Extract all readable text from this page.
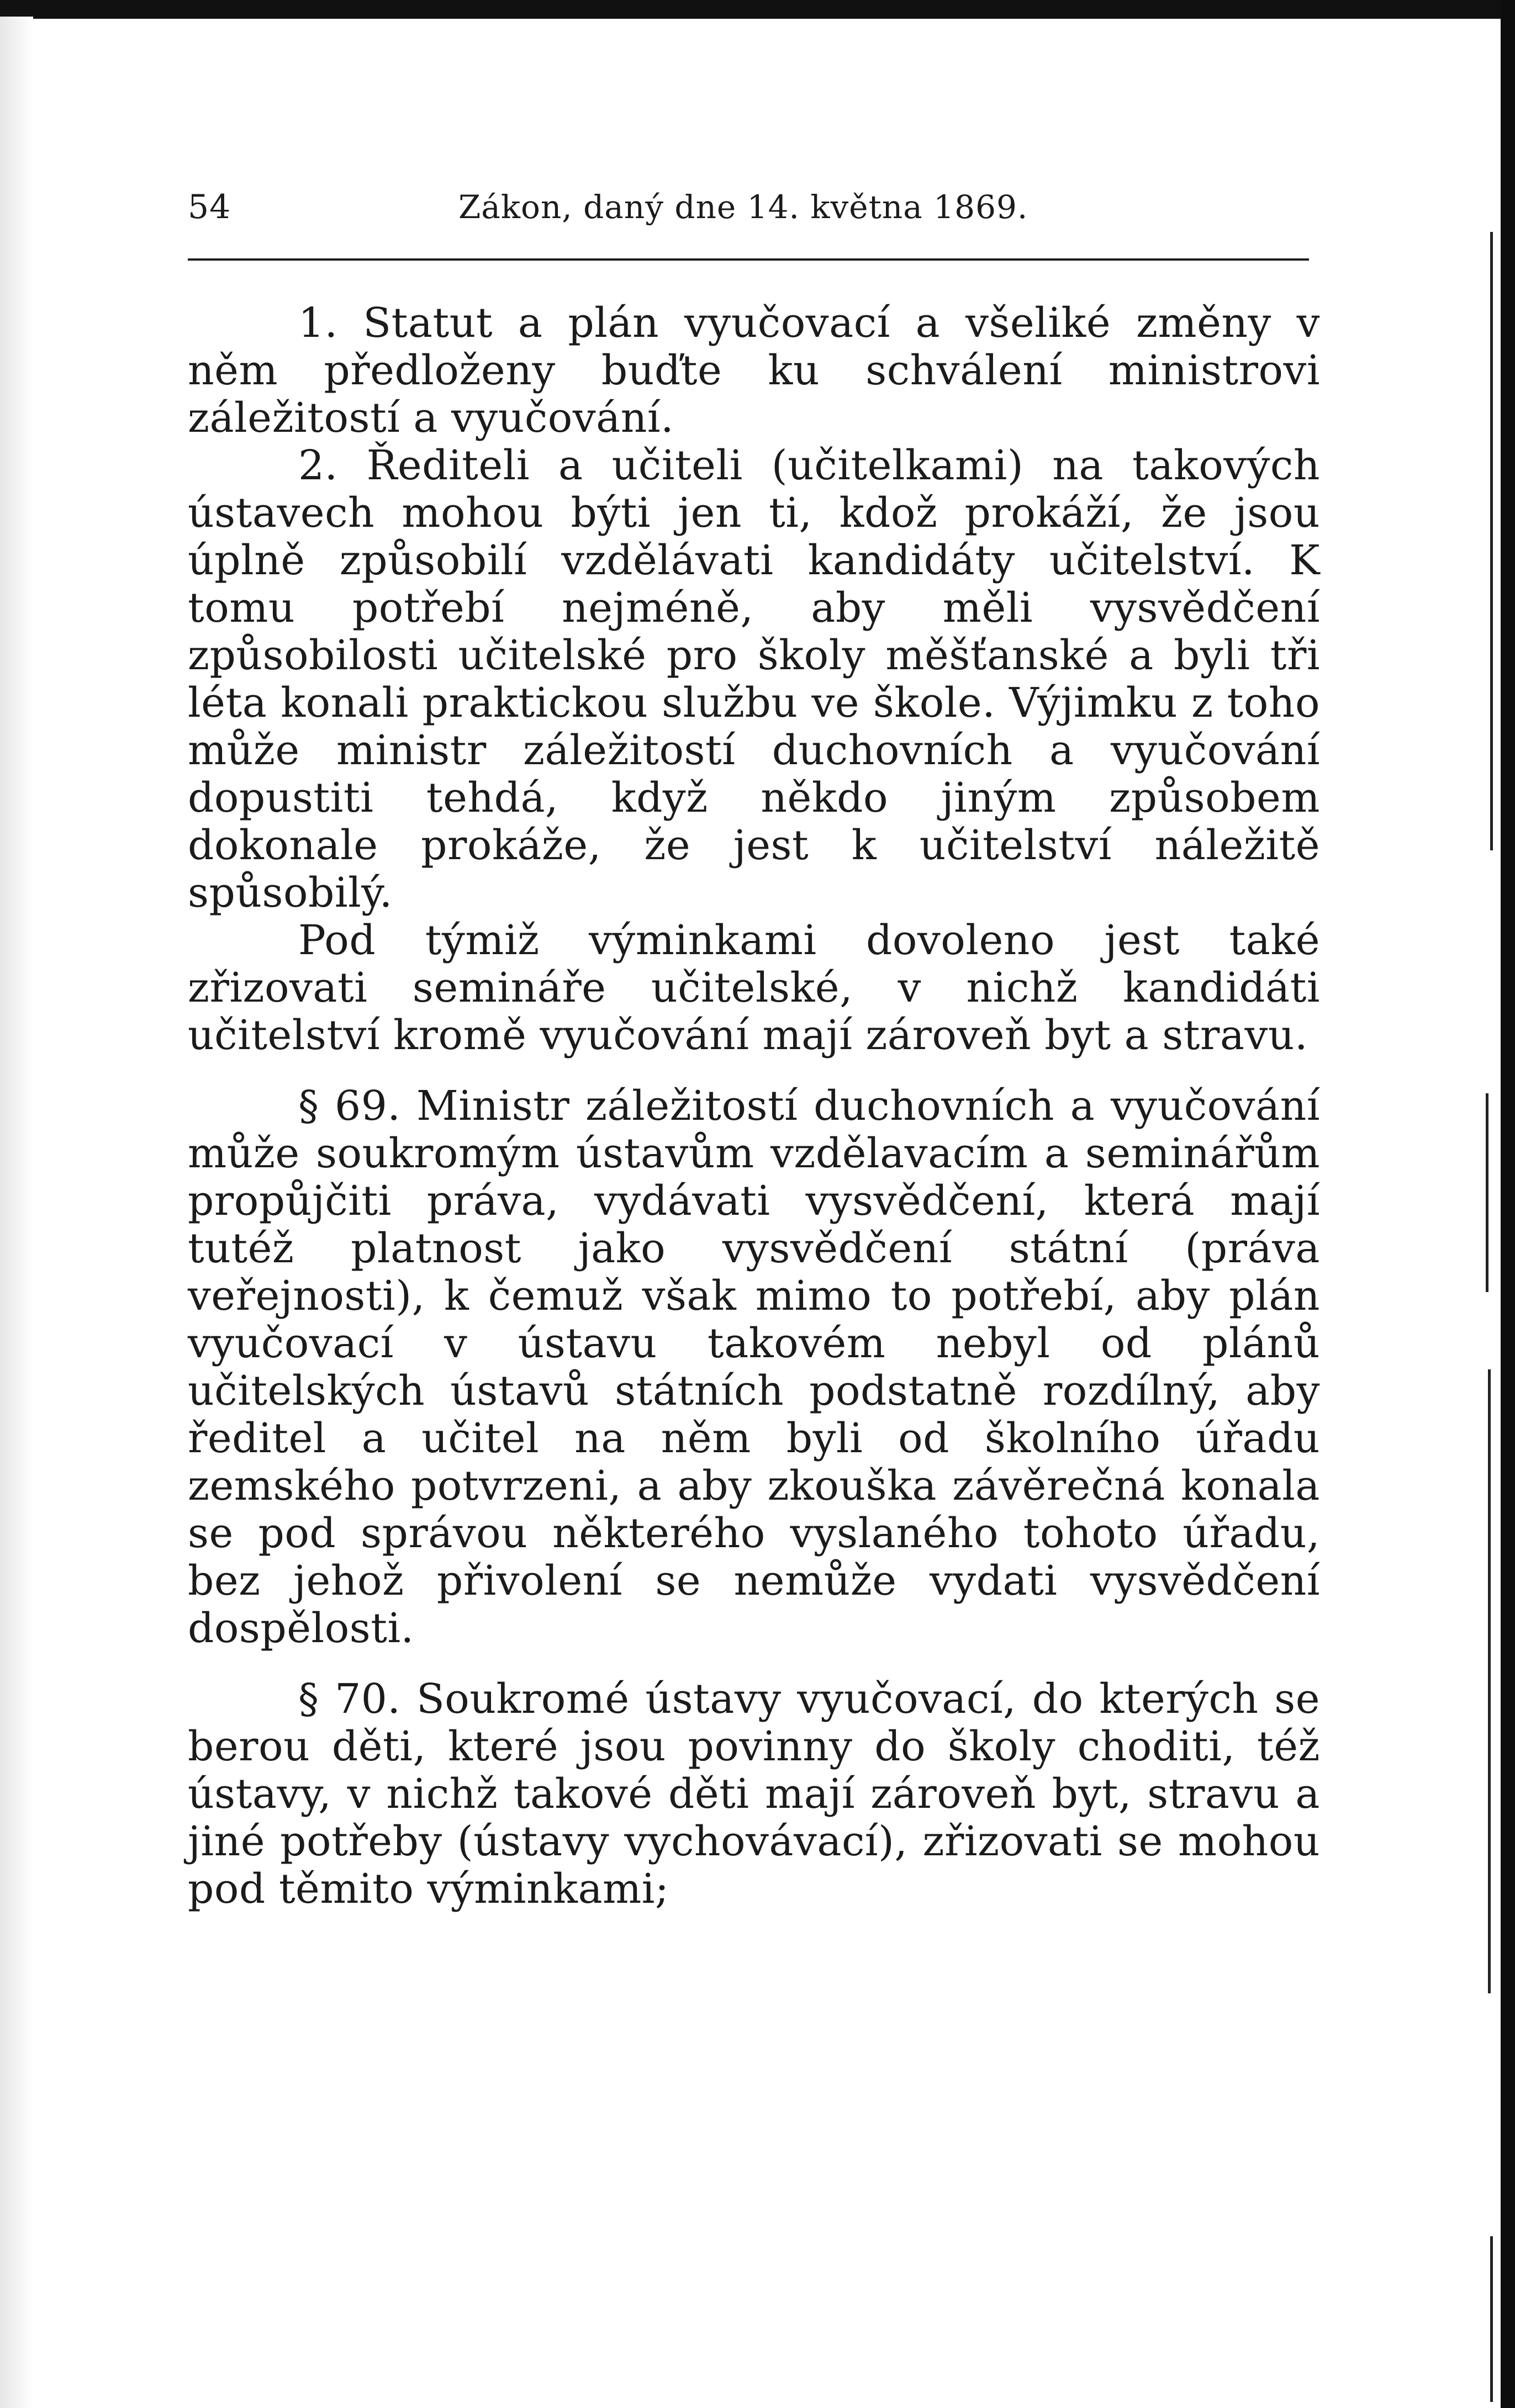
54	Zákon, daný dne 14. května 1869.

1. Statut a plán vyučovací a všeliké změny v něm předloženy buďte ku schválení ministrovi záležitostí a vyučování.

2. Řediteli a učiteli (učitelkami) na takových ústavech mohou býti jen ti, kdož prokáží, že jsou úplně způsobilí vzdělávati kandidáty učitelství. K tomu potřebí nejméně, aby měli vysvědčení způsobilosti učitelské pro školy měšťanské a byli tři léta konali praktickou službu ve škole. Výjimku z toho může ministr záležitostí duchovních a vyučování dopustiti tehdá, když někdo jiným způsobem dokonale prokáže, že jest k učitelství náležitě spůsobilý.

Pod týmiž výminkami dovoleno jest také zřizovati semináře učitelské, v nichž kandidáti učitelství kromě vyučování mají zároveň byt a stravu.

§ 69. Ministr záležitostí duchovních a vyučování může soukromým ústavům vzdělavacím a seminářům propůjčiti práva, vydávati vysvědčení, která mají tutéž platnost jako vysvědčení státní (práva veřejnosti), k čemuž však mimo to potřebí, aby plán vyučovací v ústavu takovém nebyl od plánů učitelských ústavů státních podstatně rozdílný, aby ředitel a učitel na něm byli od školního úřadu zemského potvrzeni, a aby zkouška závěrečná konala se pod správou některého vyslaného tohoto úřadu, bez jehož přivolení se nemůže vydati vysvědčení dospělosti.

§ 70. Soukromé ústavy vyučovací, do kterých se berou děti, které jsou povinny do školy choditi, též ústavy, v nichž takové děti mají zároveň byt, stravu a jiné potřeby (ústavy vychovávací), zřizovati se mohou pod těmito výminkami;
